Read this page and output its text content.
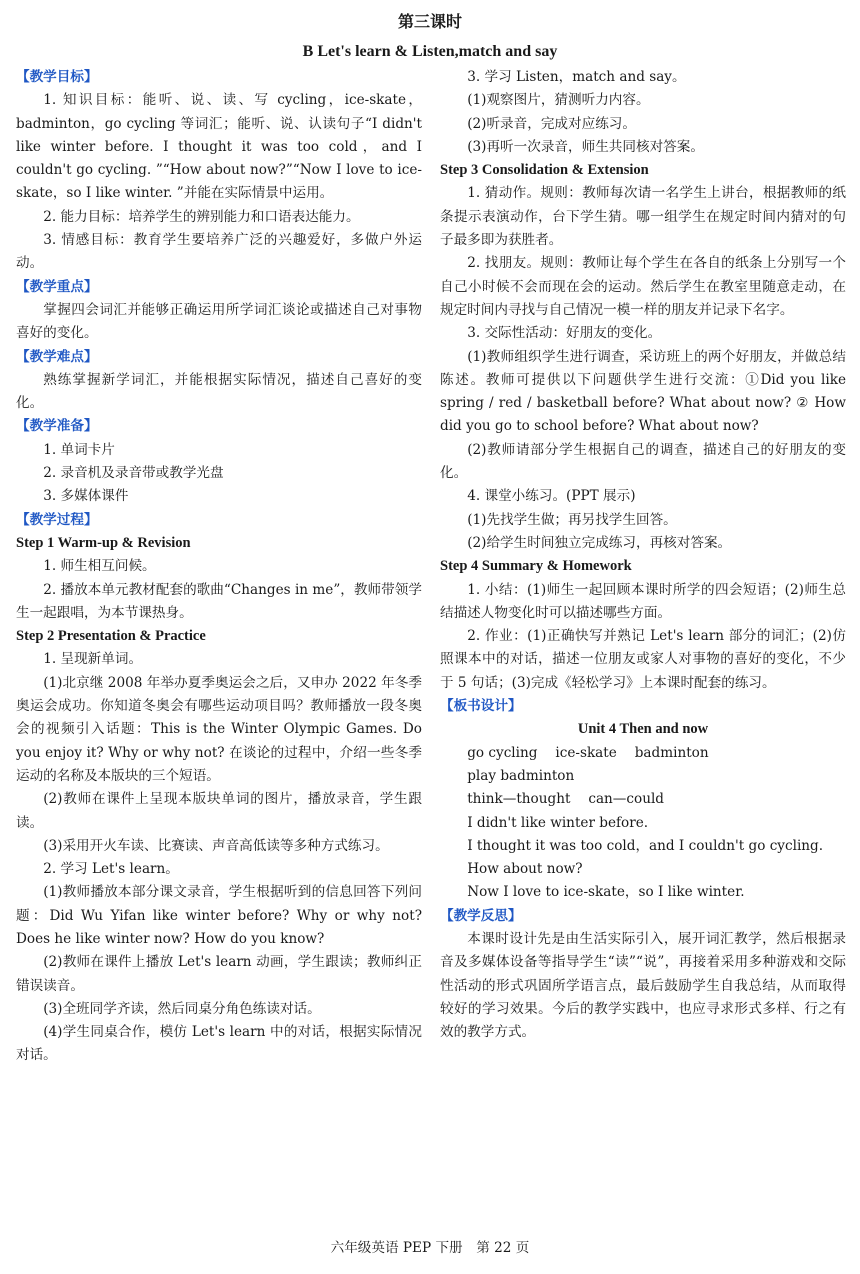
第三课时
B Let's learn & Listen,match and say

【教学目标】

1. 知识目标：能听、说、读、写 cycling，ice-skate，badminton，go cycling 等词汇；能听、说、认读句子“I didn't like winter before. I thought it was too cold，and I couldn't go cycling. ”“How about now?”“Now I love to ice-skate，so I like winter. ”并能在实际情景中运用。

2. 能力目标：培养学生的辨别能力和口语表达能力。

3. 情感目标：教育学生要培养广泛的兴趣爱好，多做户外运动。

【教学重点】

掌握四会词汇并能够正确运用所学词汇谈论或描述自己对事物喜好的变化。

【教学难点】

熟练掌握新学词汇，并能根据实际情况，描述自己喜好的变化。

【教学准备】

1. 单词卡片

2. 录音机及录音带或教学光盘

3. 多媒体课件

【教学过程】

Step 1 Warm-up & Revision

1. 师生相互问候。

2. 播放本单元教材配套的歌曲“Changes in me”，教师带领学生一起跟唱，为本节课热身。

Step 2 Presentation & Practice

1. 呈现新单词。

(1)北京继 2008 年举办夏季奥运会之后，又申办 2022 年冬季奥运会成功。你知道冬奥会有哪些运动项目吗？教师播放一段冬奥会的视频引入话题：This is the Winter Olympic Games. Do you enjoy it? Why or why not? 在谈论的过程中，介绍一些冬季运动的名称及本版块的三个短语。

(2)教师在课件上呈现本版块单词的图片，播放录音，学生跟读。

(3)采用开火车读、比赛读、声音高低读等多种方式练习。

2. 学习 Let's learn。

(1)教师播放本部分课文录音，学生根据听到的信息回答下列问题：Did Wu Yifan like winter before? Why or why not? Does he like winter now? How do you know?

(2)教师在课件上播放 Let's learn 动画，学生跟读；教师纠正错误读音。

(3)全班同学齐读，然后同桌分角色练读对话。

(4)学生同桌合作，模仿 Let's learn 中的对话，根据实际情况对话。

3. 学习 Listen，match and say。

(1)观察图片，猜测听力内容。

(2)听录音，完成对应练习。

(3)再听一次录音，师生共同核对答案。

Step 3 Consolidation & Extension

1. 猜动作。规则：教师每次请一名学生上讲台，根据教师的纸条提示表演动作，台下学生猜。哪一组学生在规定时间内猜对的句子最多即为获胜者。

2. 找朋友。规则：教师让每个学生在各自的纸条上分别写一个自己小时候不会而现在会的运动。然后学生在教室里随意走动，在规定时间内寻找与自己情况一模一样的朋友并记录下名字。

3. 交际性活动：好朋友的变化。

(1)教师组织学生进行调查，采访班上的两个好朋友，并做总结陈述。教师可提供以下问题供学生进行交流：①Did you like spring / red / basketball before? What about now? ② How did you go to school before? What about now?

(2)教师请部分学生根据自己的调查，描述自己的好朋友的变化。

4. 课堂小练习。(PPT 展示)

(1)先找学生做；再另找学生回答。

(2)给学生时间独立完成练习，再核对答案。

Step 4 Summary & Homework

1. 小结：(1)师生一起回顾本课时所学的四会短语；(2)师生总结描述人物变化时可以描述哪些方面。

2. 作业：(1)正确快写并熟记 Let's learn 部分的词汇；(2)仿照课本中的对话，描述一位朋友或家人对事物的喜好的变化，不少于 5 句话；(3)完成《轻松学习》上本课时配套的练习。

【板书设计】

Unit 4 Then and now

go cycling　 ice-skate　 badminton

play badminton

think—thought　 can—could

I didn't like winter before.

I thought it was too cold，and I couldn't go cycling.

How about now?

Now I love to ice-skate，so I like winter.

【教学反思】

本课时设计先是由生活实际引入，展开词汇教学，然后根据录音及多媒体设备等指导学生“读”“说”，再接着采用多种游戏和交际性活动的形式巩固所学语言点，最后鼓励学生自我总结，从而取得较好的学习效果。今后的教学实践中，也应寻求形式多样、行之有效的教学方式。

六年级英语 PEP 下册　第 22 页
